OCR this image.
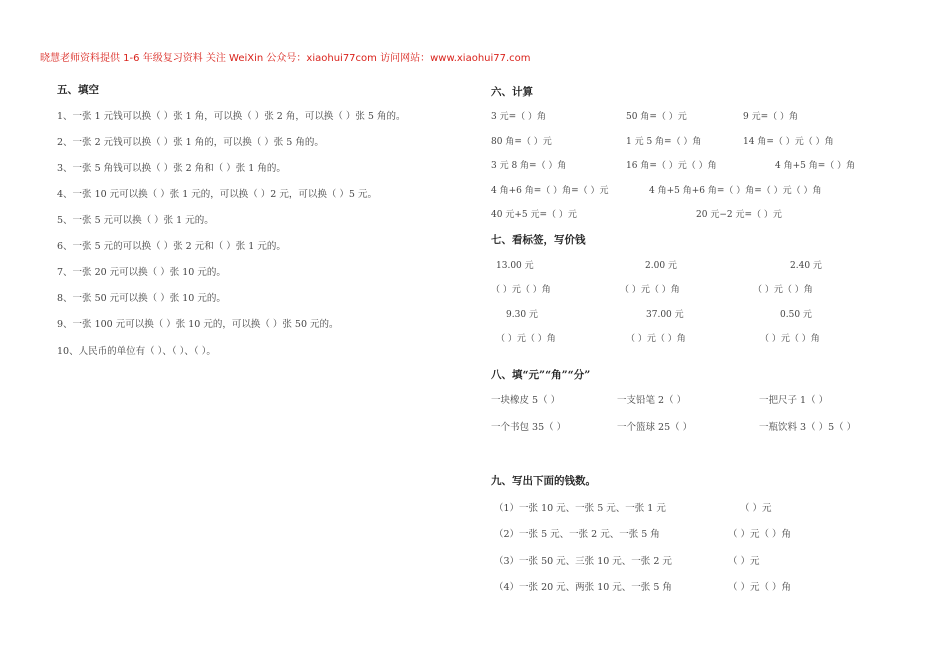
晓慧老师资料提供 1-6 年级复习资料 关注 WeiXin 公众号：xiaohui77com 访问网站：www.xiaohui77.com
五、填空
1、一张 1 元钱可以换（ ）张 1 角，可以换（ ）张 2 角，可以换（ ）张 5 角的。
2、一张 2 元钱可以换（ ）张 1 角的，可以换（ ）张 5 角的。
3、一张 5 角钱可以换（ ）张 2 角和（ ）张 1 角的。
4、一张 10 元可以换（ ）张 1 元的，可以换（ ）2 元，可以换（ ）5 元。
5、一张 5 元可以换（ ）张 1 元的。
6、一张 5 元的可以换（ ）张 2 元和（ ）张 1 元的。
7、一张 20 元可以换（ ）张 10 元的。
8、一张 50 元可以换（ ）张 10 元的。
9、一张 100 元可以换（ ）张 10 元的，可以换（ ）张 50 元的。
10、人民币的单位有（ ）、（ ）、（ ）。
六、计算
3 元=（ ）角	50 角=（ ）元	9 元=（ ）角
80 角=（ ）元	1 元 5 角=（ ）角	14 角=（ ）元（ ）角
3 元 8 角=（ ）角	16 角=（ ）元（ ）角	4 角+5 角=（ ）角
4 角+6 角=（ ）角=（ ）元	4 角+5 角+6 角=（ ）角=（ ）元（ ）角
40 元+5 元=（ ）元	20 元−2 元=（ ）元
七、看标签，写价钱
13.00 元	2.00 元	2.40 元
（ ）元（ ）角	（ ）元（ ）角	（ ）元（ ）角
9.30 元	37.00 元	0.50 元
（ ）元（ ）角	（ ）元（ ）角	（ ）元（ ）角
八、填“元”“角”“分”
一块橡皮 5（ ）	一支铅笔 2（ ）	一把尺子 1（ ）
一个书包 35（ ）	一个篮球 25（ ）	一瓶饮料 3（ ）5（ ）
九、写出下面的钱数。
（1）一张 10 元、一张 5 元、一张 1 元	（ ）元
（2）一张 5 元、一张 2 元、一张 5 角	（ ）元（ ）角
（3）一张 50 元、三张 10 元、一张 2 元	（ ）元
（4）一张 20 元、两张 10 元、一张 5 角	（ ）元（ ）角
